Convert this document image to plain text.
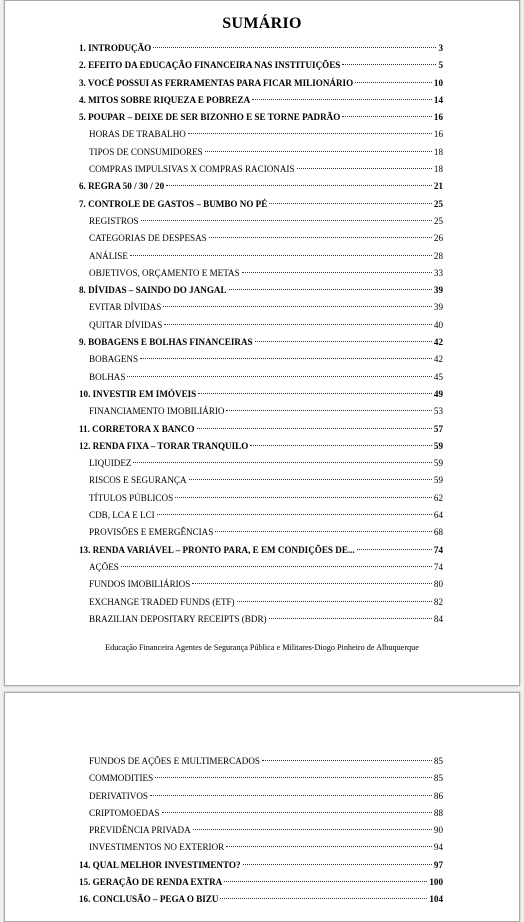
SUMÁRIO
1. INTRODUÇÃO	3
2. EFEITO DA EDUCAÇÃO FINANCEIRA NAS INSTITUIÇÕES	5
3. VOCÊ POSSUI AS FERRAMENTAS PARA FICAR MILIONÁRIO	10
4. MITOS SOBRE RIQUEZA E POBREZA	14
5. POUPAR – DEIXE DE SER BIZONHO E SE TORNE PADRÃO	16
HORAS DE TRABALHO	16
TIPOS DE CONSUMIDORES	18
COMPRAS IMPULSIVAS X COMPRAS RACIONAIS	18
6. REGRA 50 / 30 / 20	21
7. CONTROLE DE GASTOS – BUMBO NO PÉ	25
REGISTROS	25
CATEGORIAS DE DESPESAS	26
ANÁLISE	28
OBJETIVOS, ORÇAMENTO E METAS	33
8. DÍVIDAS – SAINDO DO JANGAL	39
EVITAR DÍVIDAS	39
QUITAR DÍVIDAS	40
9. BOBAGENS E BOLHAS FINANCEIRAS	42
BOBAGENS	42
BOLHAS	45
10. INVESTIR EM IMÓVEIS	49
FINANCIAMENTO IMOBILIÁRIO	53
11. CORRETORA X BANCO	57
12. RENDA FIXA – TORAR TRANQUILO	59
LIQUIDEZ	59
RISCOS E SEGURANÇA	59
TÍTULOS PÚBLICOS	62
CDB, LCA E LCI	64
PROVISÕES E EMERGÊNCIAS	68
13. RENDA VARIÁVEL – PRONTO PARA, E EM CONDIÇÕES DE...	74
AÇÕES	74
FUNDOS IMOBILIÁRIOS	80
EXCHANGE TRADED FUNDS (ETF)	82
BRAZILIAN DEPOSITARY RECEIPTS (BDR)	84
Educação Financeira Agentes de Segurança Pública e Militares-Diogo Pinheiro de Albuquerque
FUNDOS DE AÇÕES E MULTIMERCADOS	85
COMMODITIES	85
DERIVATIVOS	86
CRIPTOMOEDAS	88
PREVIDÊNCIA PRIVADA	90
INVESTIMENTOS NO EXTERIOR	94
14. QUAL MELHOR INVESTIMENTO?	97
15. GERAÇÃO DE RENDA EXTRA	100
16. CONCLUSÃO – PEGA O BIZU	104
